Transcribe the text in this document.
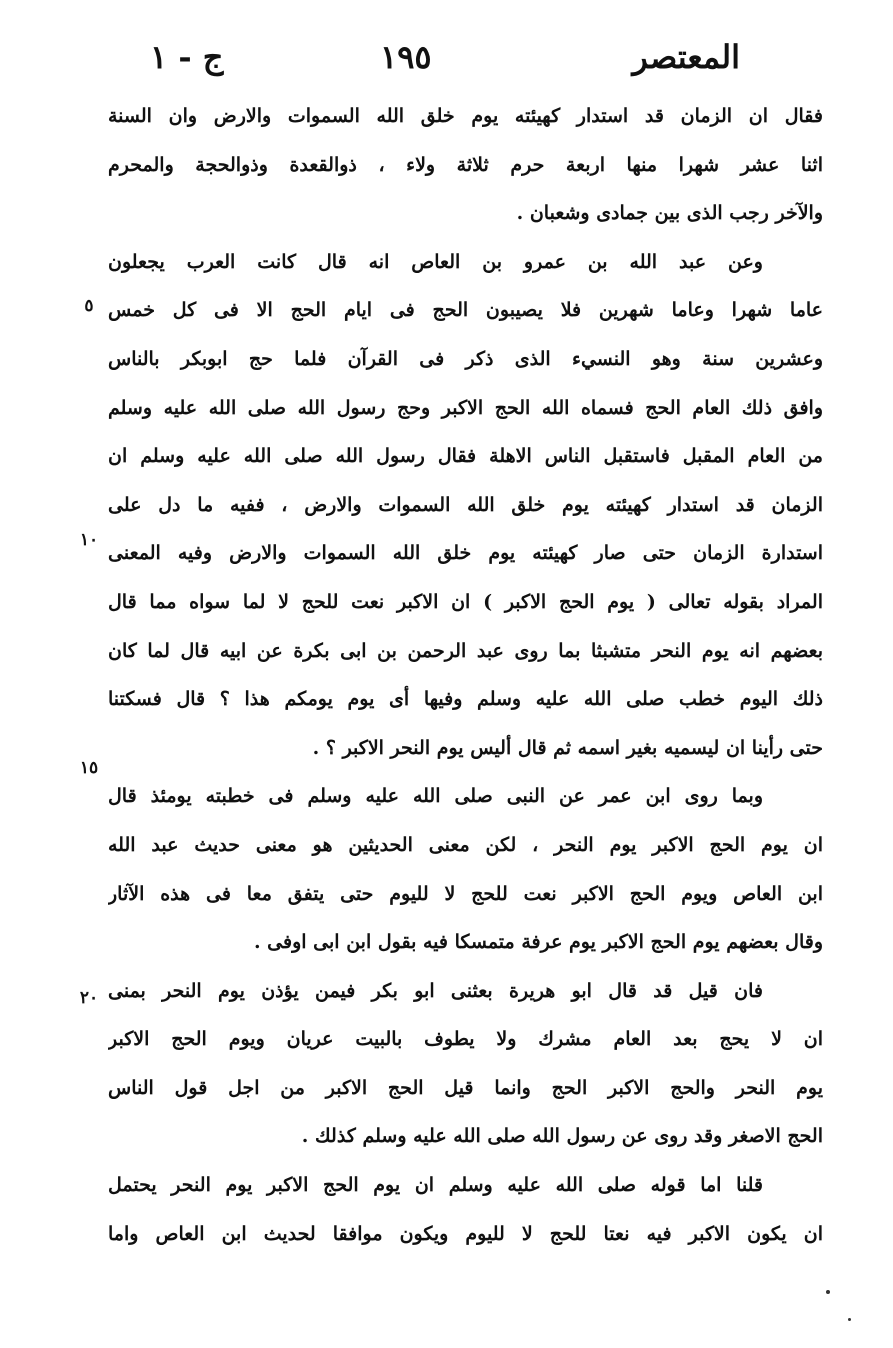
ج - ١	١٩٥	المعتصر
فقال ان الزمان قد استدار كهيئته يوم خلق الله السموات والارض وان السنة
اثنا عشر شهرا منها اربعة حرم ثلاثة ولاء ، ذوالقعدة وذوالحجة والمحرم
والآخر رجب الذى بين جمادى وشعبان .
وعن عبد الله بن عمرو بن العاص انه قال كانت العرب يجعلون
عاما شهرا وعاما شهرين فلا يصيبون الحج فى ايام الحج الا فى كل خمس
وعشرين سنة وهو النسيء الذى ذكر فى القرآن فلما حج ابوبكر بالناس
وافق ذلك العام الحج فسماه الله الحج الاكبر وحج رسول الله صلى الله عليه وسلم
من العام المقبل فاستقبل الناس الاهلة فقال رسول الله صلى الله عليه وسلم ان
الزمان قد استدار كهيئته يوم خلق الله السموات والارض ، ففيه ما دل على
استدارة الزمان حتى صار كهيئته يوم خلق الله السموات والارض وفيه المعنى
المراد بقوله تعالى ( يوم الحج الاكبر ) ان الاكبر نعت للحج لا لما سواه مما قال
بعضهم انه يوم النحر متشبثا بما روى عبد الرحمن بن ابى بكرة عن ابيه قال لما كان
ذلك اليوم خطب صلى الله عليه وسلم وفيها أى يوم يومكم هذا ؟ قال فسكتنا
حتى رأينا ان ليسميه بغير اسمه ثم قال أليس يوم النحر الاكبر ؟ .
وبما روى ابن عمر عن النبى صلى الله عليه وسلم فى خطبته يومئذ قال
ان يوم الحج الاكبر يوم النحر ، لكن معنى الحديثين هو معنى حديث عبد الله
ابن العاص ويوم الحج الاكبر نعت للحج لا لليوم حتى يتفق معا فى هذه الآثار
وقال بعضهم يوم الحج الاكبر يوم عرفة متمسكا فيه بقول ابن ابى اوفى .
فان قيل قد قال ابو هريرة بعثنى ابو بكر فيمن يؤذن يوم النحر بمنى
ان لا يحج بعد العام مشرك ولا يطوف بالبيت عريان ويوم الحج الاكبر
يوم النحر والحج الاكبر الحج وانما قيل الحج الاكبر من اجل قول الناس
الحج الاصغر وقد روى عن رسول الله صلى الله عليه وسلم كذلك .
قلنا اما قوله صلى الله عليه وسلم ان يوم الحج الاكبر يوم النحر يحتمل
ان يكون الاكبر فيه نعتا للحج لا لليوم ويكون موافقا لحديث ابن العاص واما
٥
١٠
١٥
٢٠
